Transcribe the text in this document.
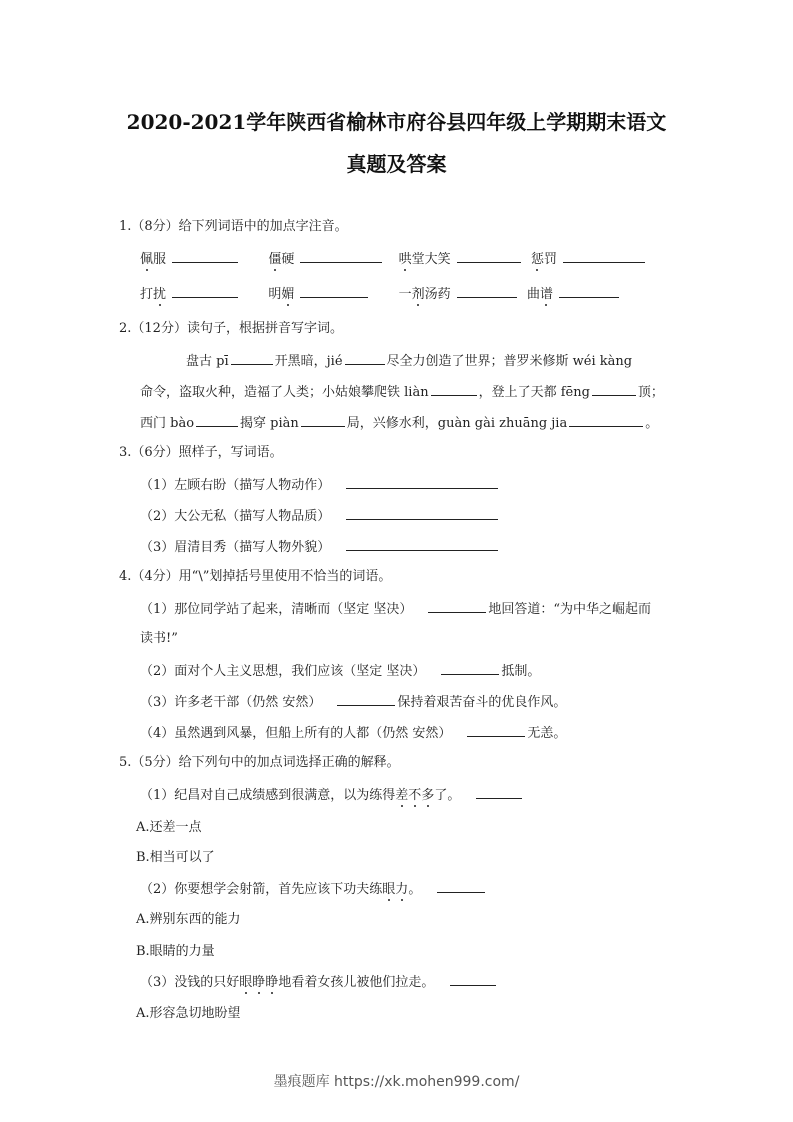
2020-2021学年陕西省榆林市府谷县四年级上学期期末语文
真题及答案
1.（8分）给下列词语中的加点字注音。
佩服	僵硬	哄堂大笑	惩罚
打扰	明媚	一剂汤药	曲谱
2.（12分）读句子，根据拼音写字词。
盘古 pī	开黑暗，jié	尽全力创造了世界；普罗米修斯 wéi kàng
命令，盗取火种，造福了人类；小姑娘攀爬铁 liàn	，登上了天都 fēng	顶；
西门 bào	揭穿 piàn	局，兴修水利，guàn gài zhuāng jia	。
3.（6分）照样子，写词语。
（1）左顾右盼（描写人物动作）
（2）大公无私（描写人物品质）
（3）眉清目秀（描写人物外貌）
4.（4分）用“\”划掉括号里使用不恰当的词语。
（1）那位同学站了起来，清晰而（坚定 坚决）	地回答道：“为中华之崛起而
读书!”
（2）面对个人主义思想，我们应该（坚定 坚决）	抵制。
（3）许多老干部（仍然 安然）	保持着艰苦奋斗的优良作风。
（4）虽然遇到风暴，但船上所有的人都（仍然 安然）	无恙。
5.（5分）给下列句中的加点词选择正确的解释。
（1）纪昌对自己成绩感到很满意，以为练得差不多了。
A.还差一点
B.相当可以了
（2）你要想学会射箭，首先应该下功夫练眼力。
A.辨别东西的能力
B.眼睛的力量
（3）没钱的只好眼睁睁地看着女孩儿被他们拉走。
A.形容急切地盼望
墨痕题库 https://xk.mohen999.com/
